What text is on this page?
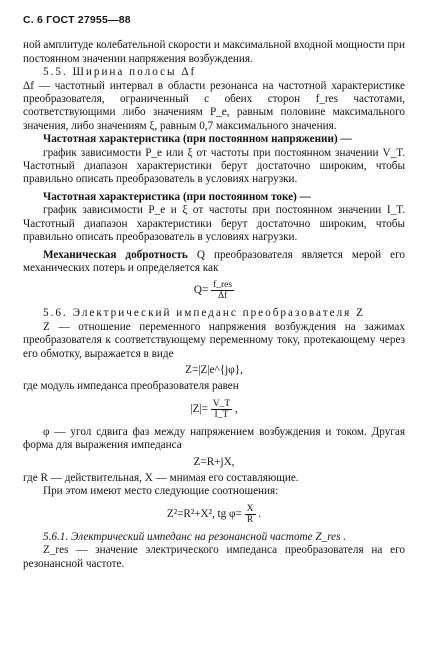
С. 6 ГОСТ 27955—88

ной амплитуде колебательной скорости и максимальной входной мощности при постоянном значении напряжения возбуждения.

5.5. Ширина полосы Δf

Δf — частотный интервал в области резонанса на частотной характеристике преобразователя, ограниченный с обеих сторон f_res частотами, соответствующими либо значениям P_e, равным половине максимального значения, либо значениям ξ, равным 0,7 максимального значения.

Частотная характеристика (при постоянном напряжении) —

график зависимости P_e или ξ от частоты при постоянном значении V_T. Частотный диапазон характеристики берут достаточно широким, чтобы правильно описать преобразователь в условиях нагрузки.

Частотная характеристика (при постоянном токе) —

график зависимости P_e и ξ от частоты при постоянном значении I_T. Частотный диапазон характеристики берут достаточно широким, чтобы правильно описать преобразователь в условиях нагрузки.

Механическая добротность Q преобразователя является мерой его механических потерь и определяется как

$Q= \frac{\text{f\_res}}{\Delta f}$

5.6. Электрический импеданс преобразователя Z

Z — отношение переменного напряжения возбуждения на зажимах преобразователя к соответствующему переменному току, протекающему через его обмотку, выражается в виде

Z=|Z|e^{jφ},

где модуль импеданса преобразователя равен

$|Z|= \frac{V\_T}{I\_T}$ ,

φ — угол сдвига фаз между напряжением возбуждения и током. Другая форма для выражения импеданса

Z=R+jX,

где R — действительная, X — мнимая его составляющие.

При этом имеют место следующие соотношения:

Z²=R²+X², tg $\varphi= \frac{X}{R}$ .

5.6.1. Электрический импеданс на резонансной частоте Z_res .

Z_res — значение электрического импеданса преобразователя на его резонансной частоте.
